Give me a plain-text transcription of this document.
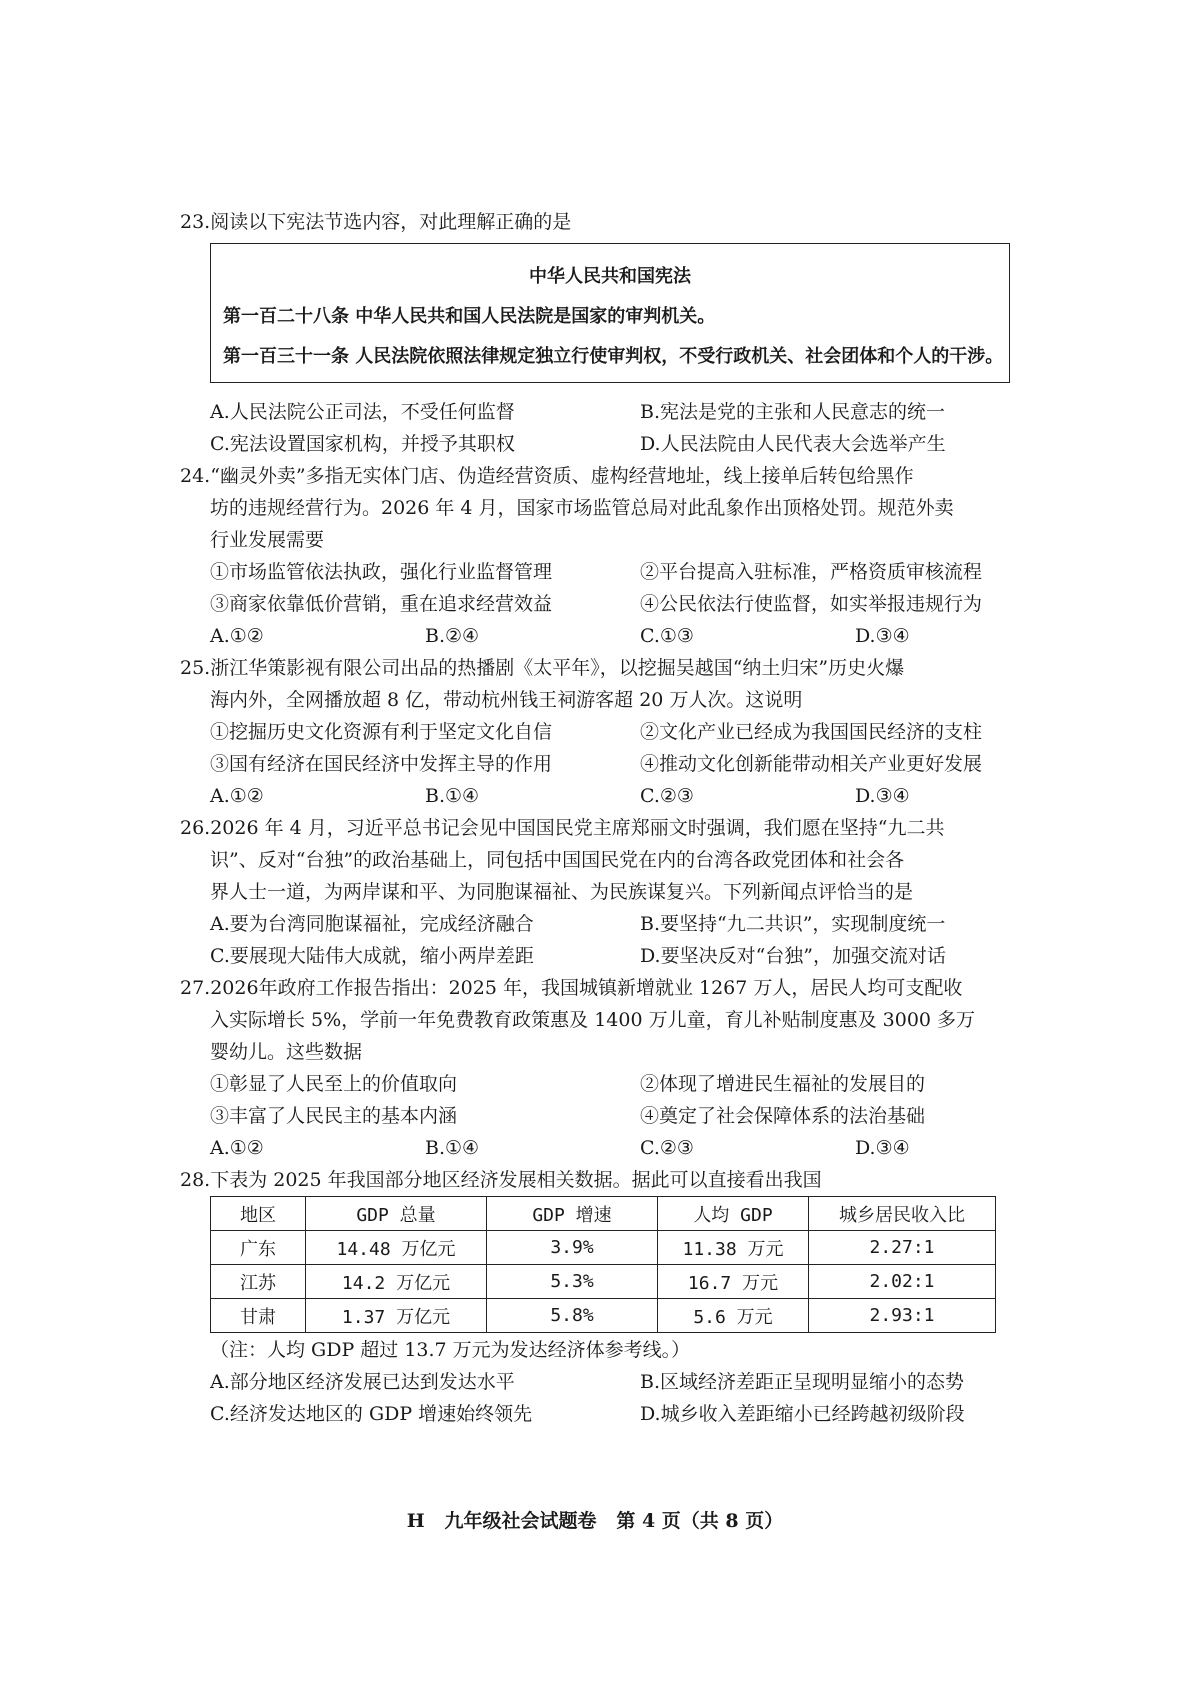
23.阅读以下宪法节选内容，对此理解正确的是
中华人民共和国宪法
第一百二十八条 中华人民共和国人民法院是国家的审判机关。
第一百三十一条 人民法院依照法律规定独立行使审判权，不受行政机关、社会团体和个人的干涉。
A.人民法院公正司法，不受任何监督	B.宪法是党的主张和人民意志的统一
C.宪法设置国家机构，并授予其职权	D.人民法院由人民代表大会选举产生
24.“幽灵外卖”多指无实体门店、伪造经营资质、虚构经营地址，线上接单后转包给黑作
坊的违规经营行为。2026 年 4 月，国家市场监管总局对此乱象作出顶格处罚。规范外卖
行业发展需要
①市场监管依法执政，强化行业监督管理	②平台提高入驻标准，严格资质审核流程
③商家依靠低价营销，重在追求经营效益	④公民依法行使监督，如实举报违规行为
A.①②	B.②④	C.①③	D.③④
25.浙江华策影视有限公司出品的热播剧《太平年》，以挖掘吴越国“纳土归宋”历史火爆
海内外，全网播放超 8 亿，带动杭州钱王祠游客超 20 万人次。这说明
①挖掘历史文化资源有利于坚定文化自信	②文化产业已经成为我国国民经济的支柱
③国有经济在国民经济中发挥主导的作用	④推动文化创新能带动相关产业更好发展
A.①②	B.①④	C.②③	D.③④
26.2026 年 4 月，习近平总书记会见中国国民党主席郑丽文时强调，我们愿在坚持“九二共
识”、反对“台独”的政治基础上，同包括中国国民党在内的台湾各政党团体和社会各
界人士一道，为两岸谋和平、为同胞谋福祉、为民族谋复兴。下列新闻点评恰当的是
A.要为台湾同胞谋福祉，完成经济融合	B.要坚持“九二共识”，实现制度统一
C.要展现大陆伟大成就，缩小两岸差距	D.要坚决反对“台独”，加强交流对话
27.2026年政府工作报告指出：2025 年，我国城镇新增就业 1267 万人，居民人均可支配收
入实际增长 5%，学前一年免费教育政策惠及 1400 万儿童，育儿补贴制度惠及 3000 多万
婴幼儿。这些数据
①彰显了人民至上的价值取向	②体现了增进民生福祉的发展目的
③丰富了人民民主的基本内涵	④奠定了社会保障体系的法治基础
A.①②	B.①④	C.②③	D.③④
28.下表为 2025 年我国部分地区经济发展相关数据。据此可以直接看出我国
地区	GDP 总量	GDP 增速	人均 GDP	城乡居民收入比
广东	14.48 万亿元	3.9%	11.38 万元	2.27:1
江苏	14.2 万亿元	5.3%	16.7 万元	2.02:1
甘肃	1.37 万亿元	5.8%	5.6 万元	2.93:1
（注：人均 GDP 超过 13.7 万元为发达经济体参考线。）
A.部分地区经济发展已达到发达水平	B.区域经济差距正呈现明显缩小的态势
C.经济发达地区的 GDP 增速始终领先	D.城乡收入差距缩小已经跨越初级阶段
H   九年级社会试题卷   第 4 页（共 8 页）
